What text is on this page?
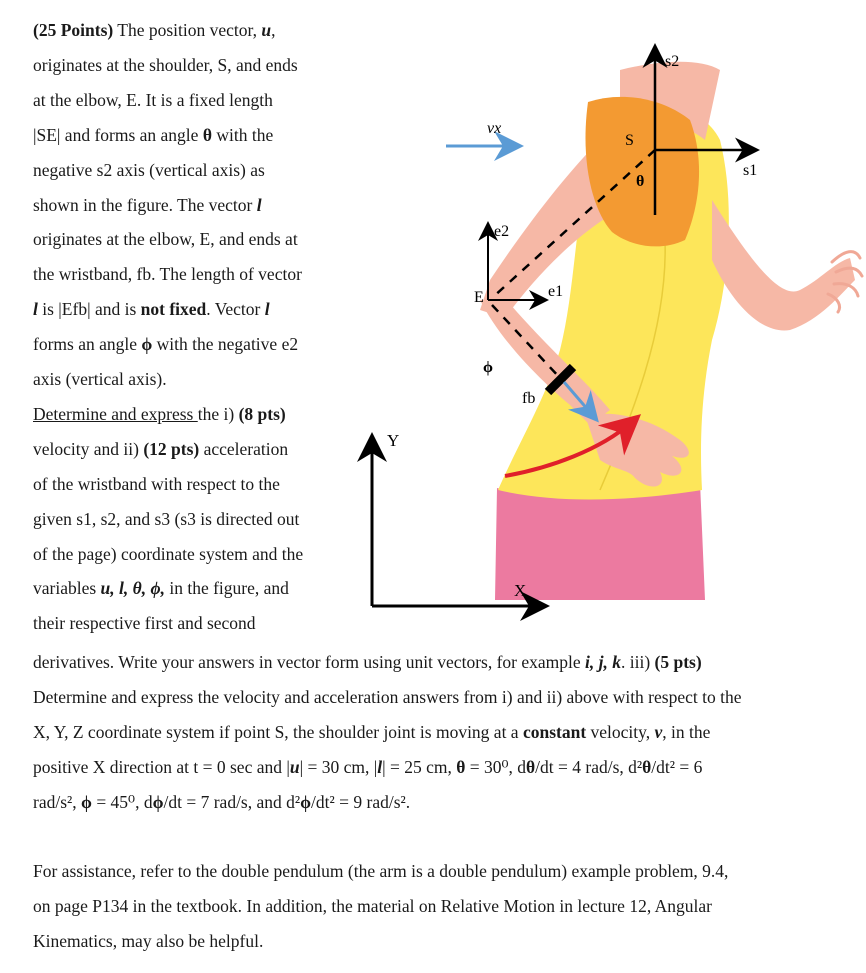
s2
s1
S
θ
e2
e1
E
ϕ
fb
vx
Y
X
(25 Points) The position vector, u,
originates at the shoulder, S, and ends
at the elbow, E. It is a fixed length
|SE| and forms an angle θ with the
negative s2 axis (vertical axis) as
shown in the figure. The vector l
originates at the elbow, E, and ends at
the wristband, fb. The length of vector
l is |Efb| and is not fixed. Vector l
forms an angle ϕ with the negative e2
axis (vertical axis).
Determine and express the i) (8 pts)
velocity and ii) (12 pts) acceleration
of the wristband with respect to the
given s1, s2, and s3 (s3 is directed out
of the page) coordinate system and the
variables u, l, θ, ϕ, in the figure, and
their respective first and second
derivatives. Write your answers in vector form using unit vectors, for example i, j, k. iii) (5 pts)
Determine and express the velocity and acceleration answers from i) and ii) above with respect to the
X, Y, Z coordinate system if point S, the shoulder joint is moving at a constant velocity, v, in the
positive X direction at t = 0 sec and |u| = 30 cm, |l| = 25 cm, θ = 30⁰, dθ/dt = 4 rad/s, d²θ/dt² = 6
rad/s², ϕ = 45⁰, dϕ/dt = 7 rad/s, and d²ϕ/dt² = 9 rad/s².
For assistance, refer to the double pendulum (the arm is a double pendulum) example problem, 9.4,
on page P134 in the textbook. In addition, the material on Relative Motion in lecture 12, Angular
Kinematics, may also be helpful.
